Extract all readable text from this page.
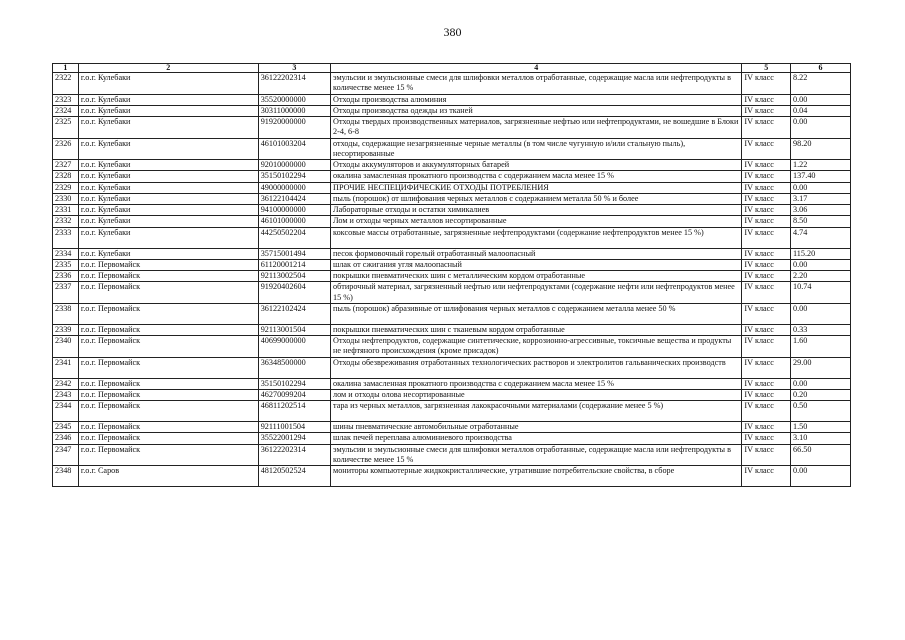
380
1	2	3	4	5	6
2322	г.о.г. Кулебаки	36122202314	эмульсии и эмульсионные смеси для шлифовки металлов отработанные, содержащие масла или нефтепродукты в количестве менее 15 %	IV класс	8.22
2323	г.о.г. Кулебаки	35520000000	Отходы производства алюминия	IV класс	0.00
2324	г.о.г. Кулебаки	30311000000	Отходы производства одежды из тканей	IV класс	0.04
2325	г.о.г. Кулебаки	91920000000	Отходы твердых производственных материалов, загрязненные нефтью или нефтепродуктами, не вошедшие в Блоки 2-4, 6-8	IV класс	0.00
2326	г.о.г. Кулебаки	46101003204	отходы, содержащие незагрязненные черные металлы (в том числе чугунную и/или стальную пыль), несортированные	IV класс	98.20
2327	г.о.г. Кулебаки	92010000000	Отходы аккумуляторов и аккумуляторных батарей	IV класс	1.22
2328	г.о.г. Кулебаки	35150102294	окалина замасленная прокатного производства с содержанием масла менее 15 %	IV класс	137.40
2329	г.о.г. Кулебаки	49000000000	ПРОЧИЕ НЕСПЕЦИФИЧЕСКИЕ ОТХОДЫ ПОТРЕБЛЕНИЯ	IV класс	0.00
2330	г.о.г. Кулебаки	36122104424	пыль (порошок) от шлифования черных металлов с содержанием металла 50 % и более	IV класс	3.17
2331	г.о.г. Кулебаки	94100000000	Лабораторные отходы и остатки химикалиев	IV класс	3.06
2332	г.о.г. Кулебаки	46101000000	Лом и отходы черных металлов несортированные	IV класс	8.50
2333	г.о.г. Кулебаки	44250502204	коксовые массы отработанные, загрязненные нефтепродуктами (содержание нефтепродуктов менее 15 %)	IV класс	4.74
2334	г.о.г. Кулебаки	35715001494	песок формовочный горелый отработанный малоопасный	IV класс	115.20
2335	г.о.г. Первомайск	61120001214	шлак от сжигания угля малоопасный	IV класс	0.00
2336	г.о.г. Первомайск	92113002504	покрышки пневматических шин с металлическим кордом отработанные	IV класс	2.20
2337	г.о.г. Первомайск	91920402604	обтирочный материал, загрязненный нефтью или нефтепродуктами (содержание нефти или нефтепродуктов менее 15 %)	IV класс	10.74
2338	г.о.г. Первомайск	36122102424	пыль (порошок) абразивные от шлифования черных металлов с содержанием металла менее 50 %	IV класс	0.00
2339	г.о.г. Первомайск	92113001504	покрышки пневматических шин с тканевым кордом отработанные	IV класс	0.33
2340	г.о.г. Первомайск	40699000000	Отходы нефтепродуктов, содержащие синтетические, коррозионно-агрессивные, токсичные вещества и продукты не нефтяного происхождения (кроме присадок)	IV класс	1.60
2341	г.о.г. Первомайск	36348500000	Отходы обезвреживания отработанных технологических растворов и электролитов гальванических производств	IV класс	29.00
2342	г.о.г. Первомайск	35150102294	окалина замасленная прокатного производства с содержанием масла менее 15 %	IV класс	0.00
2343	г.о.г. Первомайск	46270099204	лом и отходы олова несортированные	IV класс	0.20
2344	г.о.г. Первомайск	46811202514	тара из черных металлов, загрязненная лакокрасочными материалами (содержание менее 5 %)	IV класс	0.50
2345	г.о.г. Первомайск	92111001504	шины пневматические автомобильные отработанные	IV класс	1.50
2346	г.о.г. Первомайск	35522001294	шлак печей переплава алюминиевого производства	IV класс	3.10
2347	г.о.г. Первомайск	36122202314	эмульсии и эмульсионные смеси для шлифовки металлов отработанные, содержащие масла или нефтепродукты в количестве менее 15 %	IV класс	66.50
2348	г.о.г. Саров	48120502524	мониторы компьютерные жидкокристаллические, утратившие потребительские свойства, в сборе	IV класс	0.00
